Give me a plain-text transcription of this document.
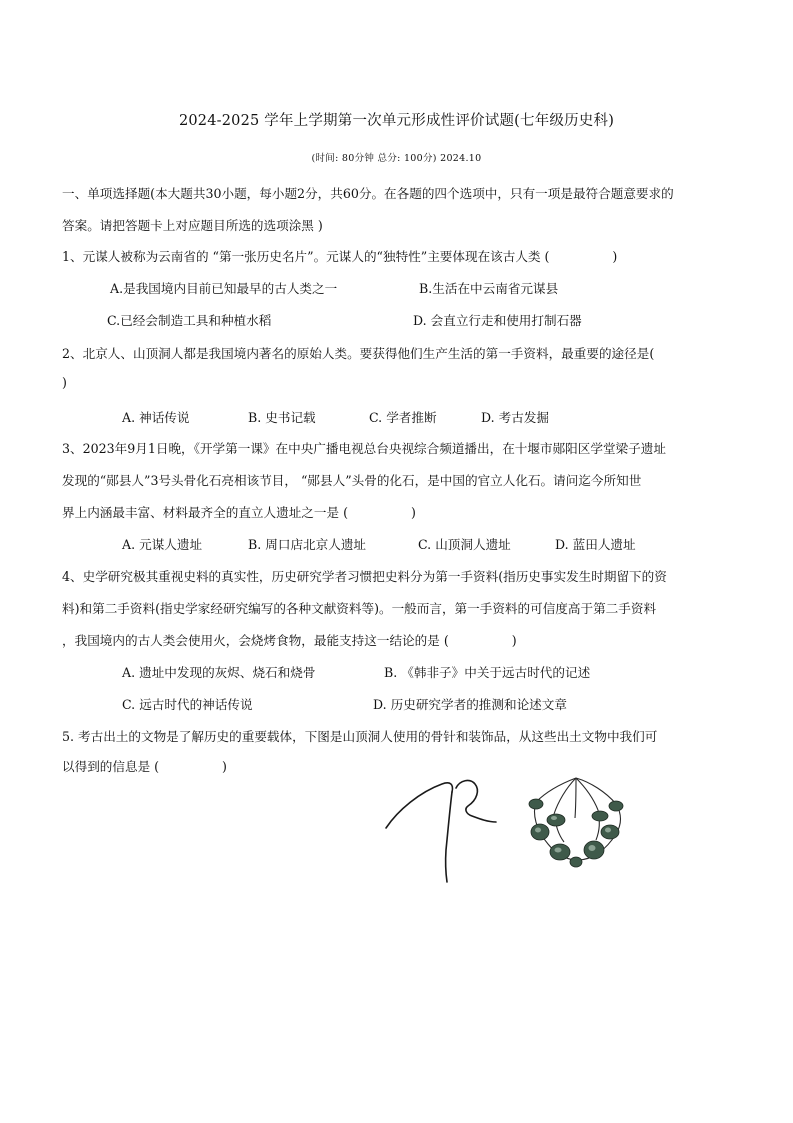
2024-2025 学年上学期第一次单元形成性评价试题(七年级历史科)
(时间: 80分钟 总分: 100分) 2024.10
一、单项选择题(本大题共30小题，每小题2分，共60分。在各题的四个选项中，只有一项是最符合题意要求的
答案。请把答题卡上对应题目所选的选项涂黑 )
1、元谋人被称为云南省的 “第一张历史名片”。元谋人的“独特性”主要体现在该古人类 (　　　　　)
A.是我国境内目前已知最早的古人类之一	B.生活在中云南省元谋县
C.已经会制造工具和种植水稻	D. 会直立行走和使用打制石器
2、北京人、山顶洞人都是我国境内著名的原始人类。要获得他们生产生活的第一手资料，最重要的途径是(
)
A. 神话传说	B. 史书记载	C. 学者推断	D. 考古发掘
3、2023年9月1日晚，《开学第一课》在中央广播电视总台央视综合频道播出，在十堰市郧阳区学堂梁子遗址
发现的“郧县人”3号头骨化石亮相该节目， “郧县人”头骨的化石，是中国的官立人化石。请问迄今所知世
界上内涵最丰富、材料最齐全的直立人遗址之一是 (　　　　　)
A. 元谋人遗址	B. 周口店北京人遗址	C. 山顶洞人遗址	D. 蓝田人遗址
4、史学研究极其重视史料的真实性，历史研究学者习惯把史料分为第一手资料(指历史事实发生时期留下的资
料)和第二手资料(指史学家经研究编写的各种文献资料等)。一般而言，第一手资料的可信度高于第二手资料
，我国境内的古人类会使用火，会烧烤食物，最能支持这一结论的是 (　　　　　)
A. 遗址中发现的灰烬、烧石和烧骨	B. 《韩非子》中关于远古时代的记述
C. 远古时代的神话传说	D. 历史研究学者的推测和论述文章
5. 考古出土的文物是了解历史的重要载体，下图是山顶洞人使用的骨针和装饰品，从这些出土文物中我们可
以得到的信息是 (　　　　　)
